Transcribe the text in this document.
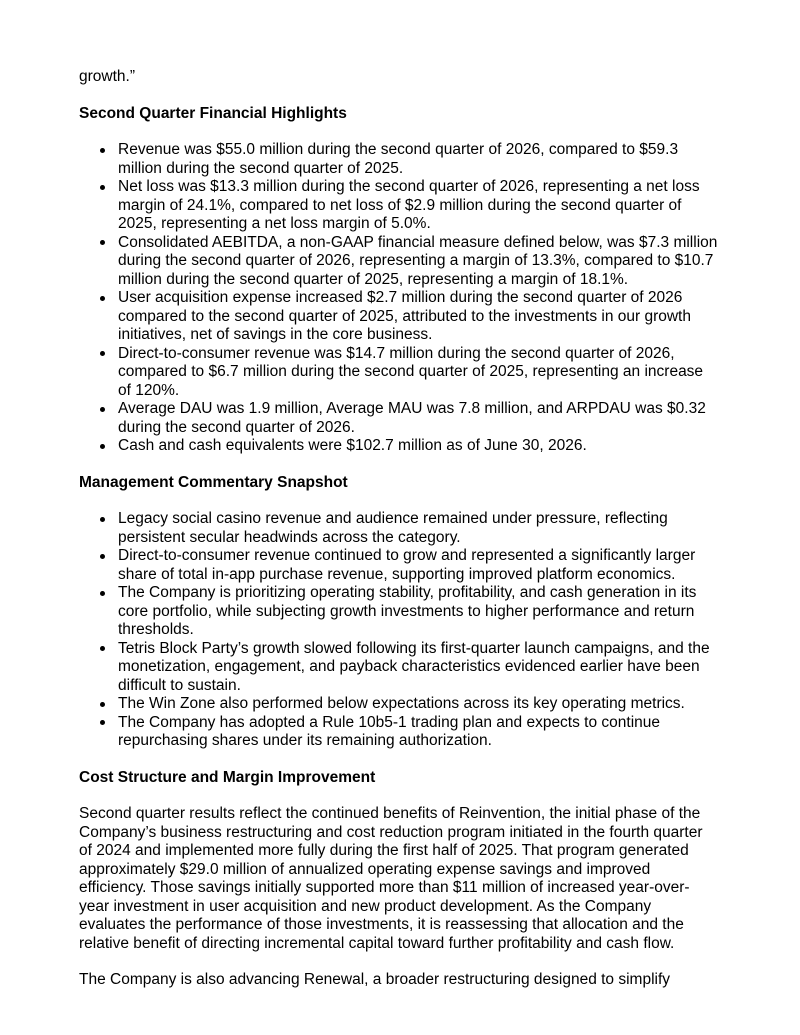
growth.”

Second Quarter Financial Highlights
Revenue was $55.0 million during the second quarter of 2026, compared to $59.3 million during the second quarter of 2025.
Net loss was $13.3 million during the second quarter of 2026, representing a net loss margin of 24.1%, compared to net loss of $2.9 million during the second quarter of 2025, representing a net loss margin of 5.0%.
Consolidated AEBITDA, a non-GAAP financial measure defined below, was $7.3 million during the second quarter of 2026, representing a margin of 13.3%, compared to $10.7 million during the second quarter of 2025, representing a margin of 18.1%.
User acquisition expense increased $2.7 million during the second quarter of 2026 compared to the second quarter of 2025, attributed to the investments in our growth initiatives, net of savings in the core business.
Direct-to-consumer revenue was $14.7 million during the second quarter of 2026, compared to $6.7 million during the second quarter of 2025, representing an increase of 120%.
Average DAU was 1.9 million, Average MAU was 7.8 million, and ARPDAU was $0.32 during the second quarter of 2026.
Cash and cash equivalents were $102.7 million as of June 30, 2026.
Management Commentary Snapshot
Legacy social casino revenue and audience remained under pressure, reflecting persistent secular headwinds across the category.
Direct-to-consumer revenue continued to grow and represented a significantly larger share of total in-app purchase revenue, supporting improved platform economics.
The Company is prioritizing operating stability, profitability, and cash generation in its core portfolio, while subjecting growth investments to higher performance and return thresholds.
Tetris Block Party’s growth slowed following its first-quarter launch campaigns, and the monetization, engagement, and payback characteristics evidenced earlier have been difficult to sustain.
The Win Zone also performed below expectations across its key operating metrics.
The Company has adopted a Rule 10b5-1 trading plan and expects to continue repurchasing shares under its remaining authorization.
Cost Structure and Margin Improvement

Second quarter results reflect the continued benefits of Reinvention, the initial phase of the Company’s business restructuring and cost reduction program initiated in the fourth quarter of 2024 and implemented more fully during the first half of 2025. That program generated approximately $29.0 million of annualized operating expense savings and improved efficiency. Those savings initially supported more than $11 million of increased year-over-year investment in user acquisition and new product development. As the Company evaluates the performance of those investments, it is reassessing that allocation and the relative benefit of directing incremental capital toward further profitability and cash flow.

The Company is also advancing Renewal, a broader restructuring designed to simplify
